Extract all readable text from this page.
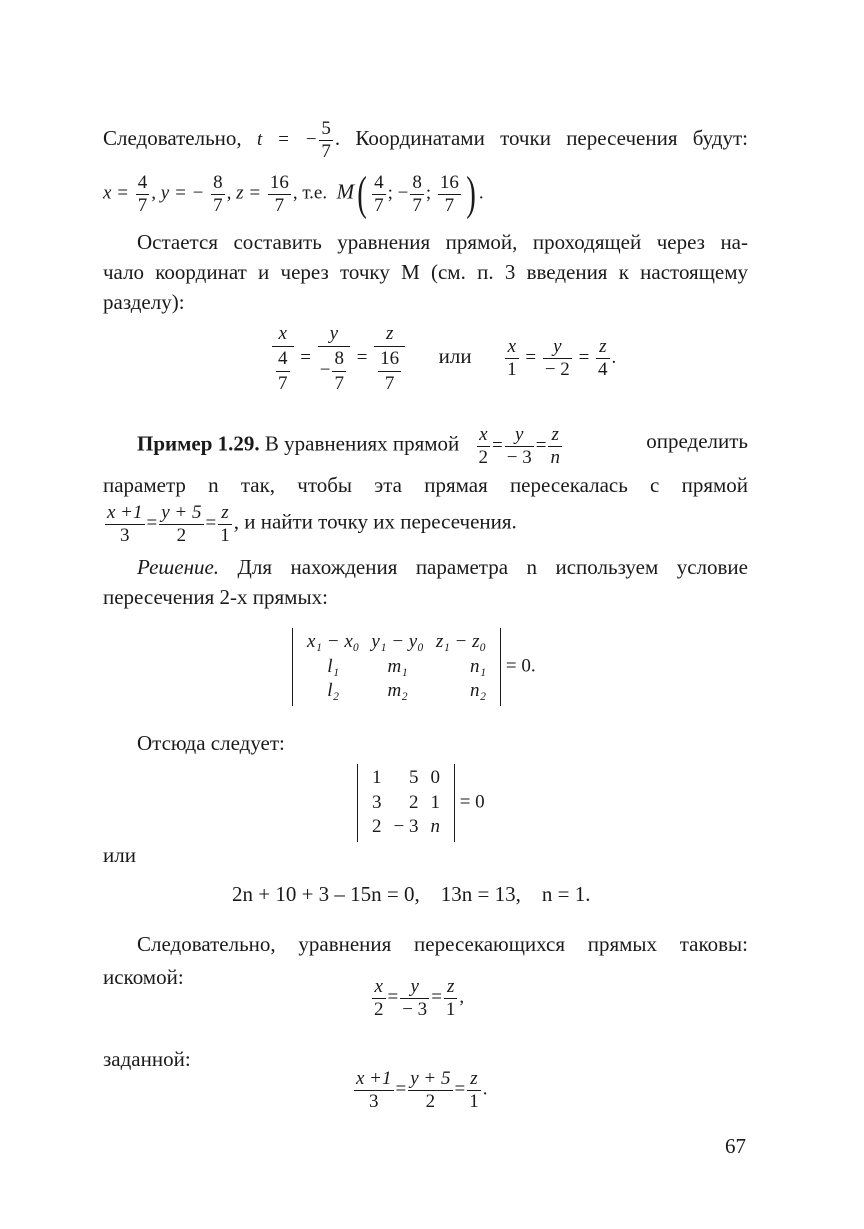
Следовательно, t = − $\frac{5}{7}$ . Координатами точки пересечения будут:
$x = \frac{4}{7}$ , y = − $\frac{8}{7}$ , $z = \frac{16}{7}$ , т.е. $M( \frac{4}{7}$ ; − $\frac{8}{7}$ ; $\frac{16}{7}$ ) .
Остается составить уравнения прямой, проходящей через на-
чало координат и через точку M (см. п. 3 введения к настоящему
разделу):
$\frac{x}{\frac{4}{7}} = \frac{y}{- \frac{8}{7}} = \frac{z}{\frac{16}{7}}$ или $\frac{x}{1} = \frac{y}{- 2} = \frac{z}{4}$ .
Пример 1.29. В уравнениях прямой $\frac{x}{2} = \frac{y}{- 3} = \frac{z}{n}$	определить
параметр n так, чтобы эта прямая пересекалась с прямой
$\frac{x +1}{3} = \frac{y + 5}{2} = \frac{z}{1}$ , и найти точку их пересечения.
Решение. Для нахождения параметра n используем условие
пересечения 2-х прямых:
x₁ − x₀	y₁ − y₀	z₁ − z₀
l₁	m₁	n₁
l₂	m₂	n₂
= 0.
Отсюда следует:
1	5	0
3	2	1
2	− 3	n
= 0
или
2n + 10 + 3 – 15n = 0,    13n = 13,    n = 1.
Следовательно, уравнения пересекающихся прямых таковы:
искомой:	$\frac{x}{2} = \frac{y}{- 3} = \frac{z}{1}$ ,
заданной:
$\frac{x +1}{3} = \frac{y + 5}{2} = \frac{z}{1}$ .
67
